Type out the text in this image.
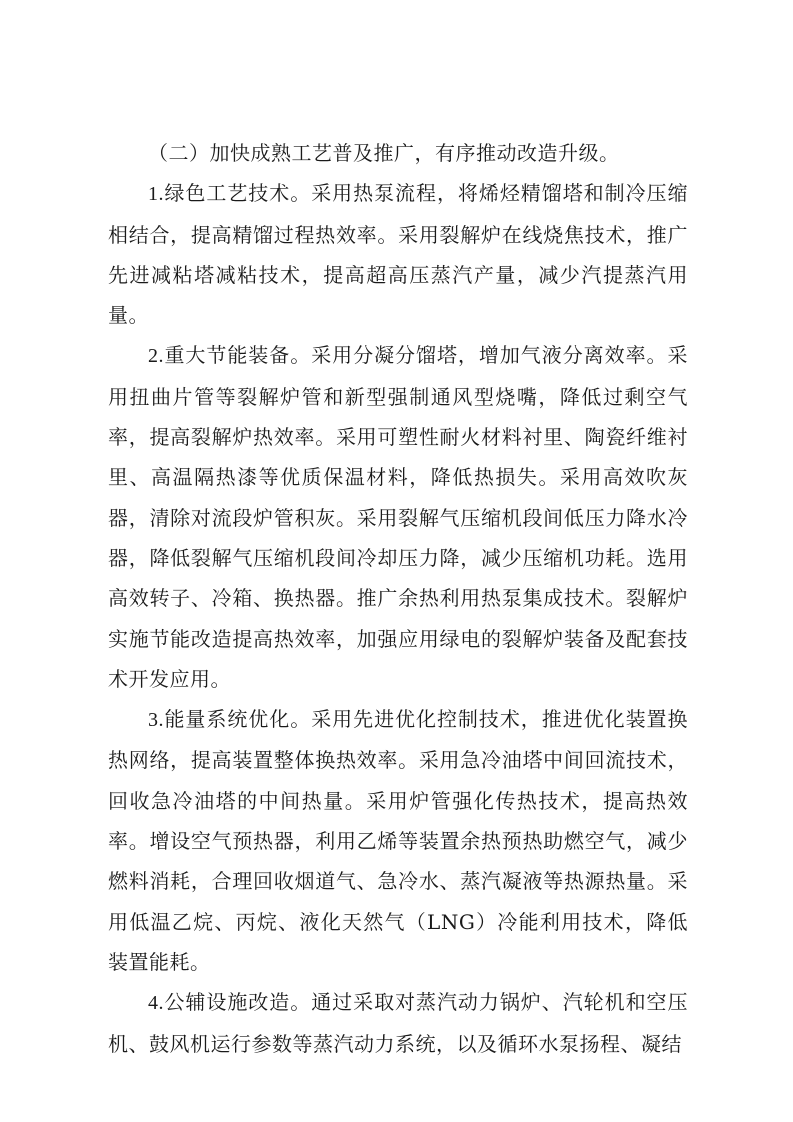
（二）加快成熟工艺普及推广，有序推动改造升级。

1.绿色工艺技术。采用热泵流程，将烯烃精馏塔和制冷压缩相结合，提高精馏过程热效率。采用裂解炉在线烧焦技术，推广先进减粘塔减粘技术，提高超高压蒸汽产量，减少汽提蒸汽用量。

2.重大节能装备。采用分凝分馏塔，增加气液分离效率。采用扭曲片管等裂解炉管和新型强制通风型烧嘴，降低过剩空气率，提高裂解炉热效率。采用可塑性耐火材料衬里、陶瓷纤维衬里、高温隔热漆等优质保温材料，降低热损失。采用高效吹灰器，清除对流段炉管积灰。采用裂解气压缩机段间低压力降水冷器，降低裂解气压缩机段间冷却压力降，减少压缩机功耗。选用高效转子、冷箱、换热器。推广余热利用热泵集成技术。裂解炉实施节能改造提高热效率，加强应用绿电的裂解炉装备及配套技术开发应用。

3.能量系统优化。采用先进优化控制技术，推进优化装置换热网络，提高装置整体换热效率。采用急冷油塔中间回流技术，回收急冷油塔的中间热量。采用炉管强化传热技术，提高热效率。增设空气预热器，利用乙烯等装置余热预热助燃空气，减少燃料消耗，合理回收烟道气、急冷水、蒸汽凝液等热源热量。采用低温乙烷、丙烷、液化天然气（LNG）冷能利用技术，降低装置能耗。

4.公辅设施改造。通过采取对蒸汽动力锅炉、汽轮机和空压机、鼓风机运行参数等蒸汽动力系统，以及循环水泵扬程、凝结
